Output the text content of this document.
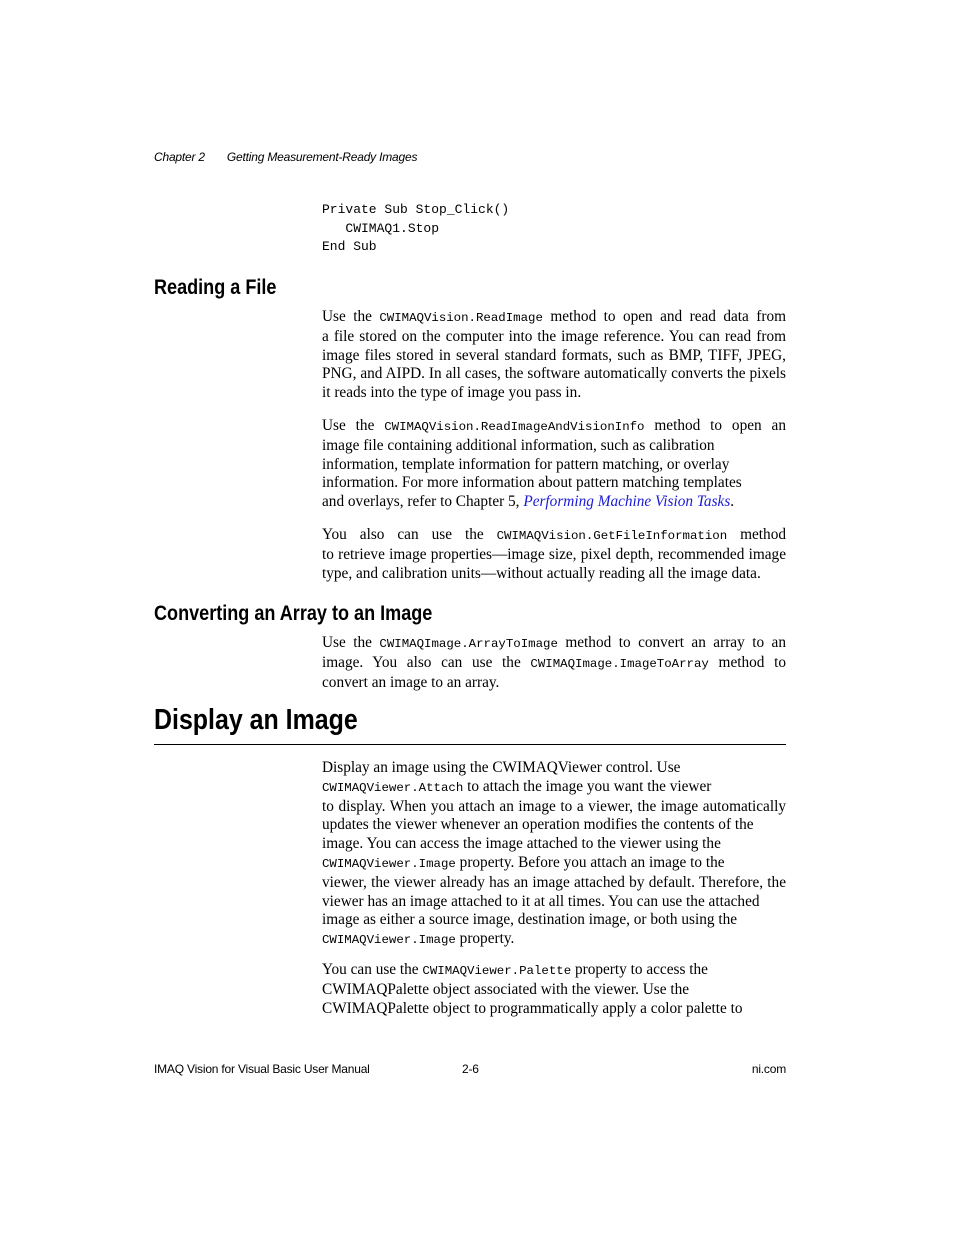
Chapter 2 Getting Measurement-Ready Images
Private Sub Stop_Click()
CWIMAQ1.Stop
End Sub
Reading a File
Use the CWIMAQVision.ReadImage method to open and read data from
a file stored on the computer into the image reference. You can read from
image files stored in several standard formats, such as BMP, TIFF, JPEG,
PNG, and AIPD. In all cases, the software automatically converts the pixels
it reads into the type of image you pass in.
Use the CWIMAQVision.ReadImageAndVisionInfo method to open an
image file containing additional information, such as calibration
information, template information for pattern matching, or overlay
information. For more information about pattern matching templates
and overlays, refer to Chapter 5, Performing Machine Vision Tasks.
You also can use the CWIMAQVision.GetFileInformation method
to retrieve image properties—image size, pixel depth, recommended image
type, and calibration units—without actually reading all the image data.
Converting an Array to an Image
Use the CWIMAQImage.ArrayToImage method to convert an array to an
image. You also can use the CWIMAQImage.ImageToArray method to
convert an image to an array.
Display an Image
Display an image using the CWIMAQViewer control. Use
CWIMAQViewer.Attach to attach the image you want the viewer
to display. When you attach an image to a viewer, the image automatically
updates the viewer whenever an operation modifies the contents of the
image. You can access the image attached to the viewer using the
CWIMAQViewer.Image property. Before you attach an image to the
viewer, the viewer already has an image attached by default. Therefore, the
viewer has an image attached to it at all times. You can use the attached
image as either a source image, destination image, or both using the
CWIMAQViewer.Image property.
You can use the CWIMAQViewer.Palette property to access the
CWIMAQPalette object associated with the viewer. Use the
CWIMAQPalette object to programmatically apply a color palette to
IMAQ Vision for Visual Basic User Manual	2-6	ni.com
